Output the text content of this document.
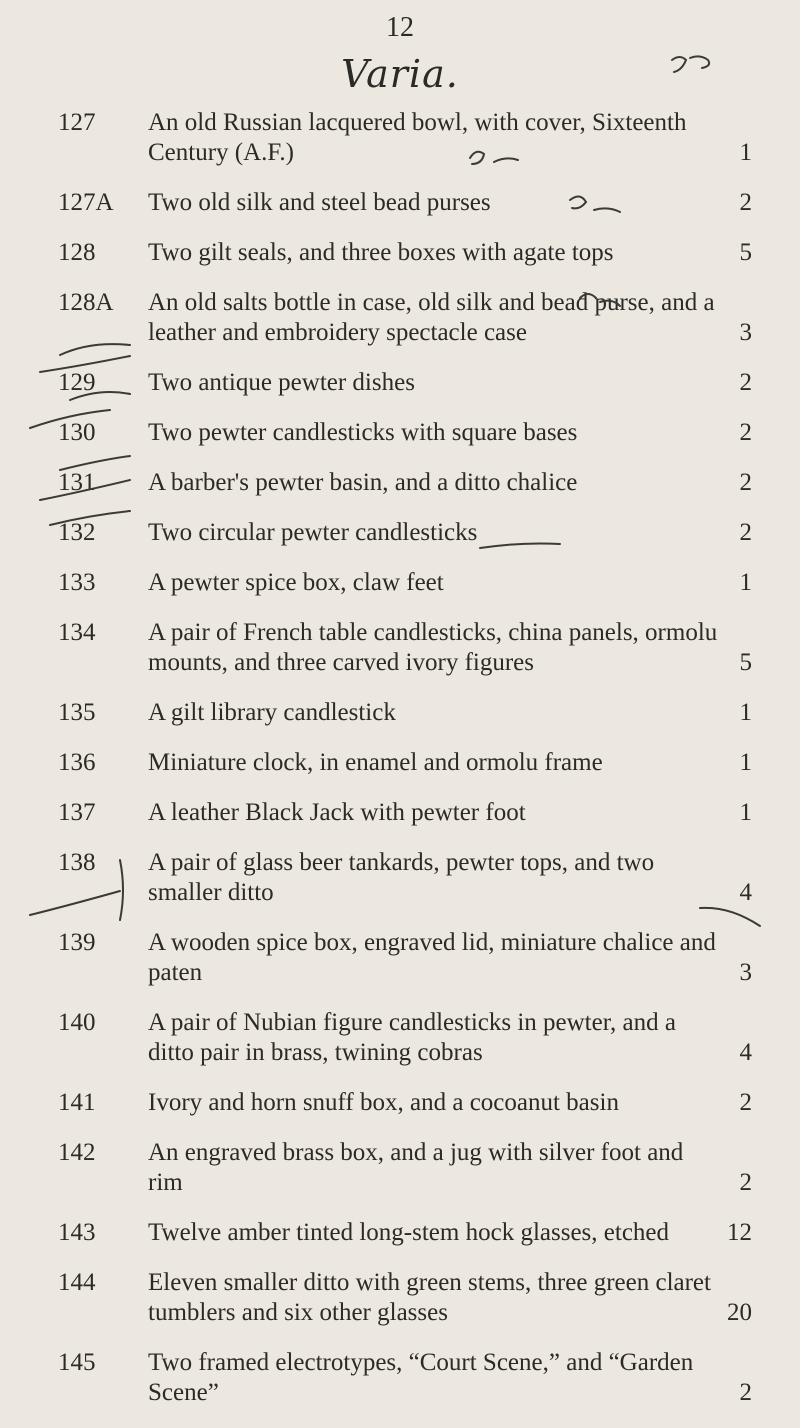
12
Varia.
127	An old Russian lacquered bowl, with cover, Sixteenth Century (A.F.)	1
127A	Two old silk and steel bead purses	2
128	Two gilt seals, and three boxes with agate tops	5
128A	An old salts bottle in case, old silk and bead purse, and a leather and embroidery spectacle case	3
129	Two antique pewter dishes	2
130	Two pewter candlesticks with square bases	2
131	A barber's pewter basin, and a ditto chalice	2
132	Two circular pewter candlesticks	2
133	A pewter spice box, claw feet	1
134	A pair of French table candlesticks, china panels, ormolu mounts, and three carved ivory figures	5
135	A gilt library candlestick	1
136	Miniature clock, in enamel and ormolu frame	1
137	A leather Black Jack with pewter foot	1
138	A pair of glass beer tankards, pewter tops, and two smaller ditto	4
139	A wooden spice box, engraved lid, miniature chalice and paten	3
140	A pair of Nubian figure candlesticks in pewter, and a ditto pair in brass, twining cobras	4
141	Ivory and horn snuff box, and a cocoanut basin	2
142	An engraved brass box, and a jug with silver foot and rim	2
143	Twelve amber tinted long-stem hock glasses, etched	12
144	Eleven smaller ditto with green stems, three green claret tumblers and six other glasses	20
145	Two framed electrotypes, “Court Scene,” and “Garden Scene”	2
